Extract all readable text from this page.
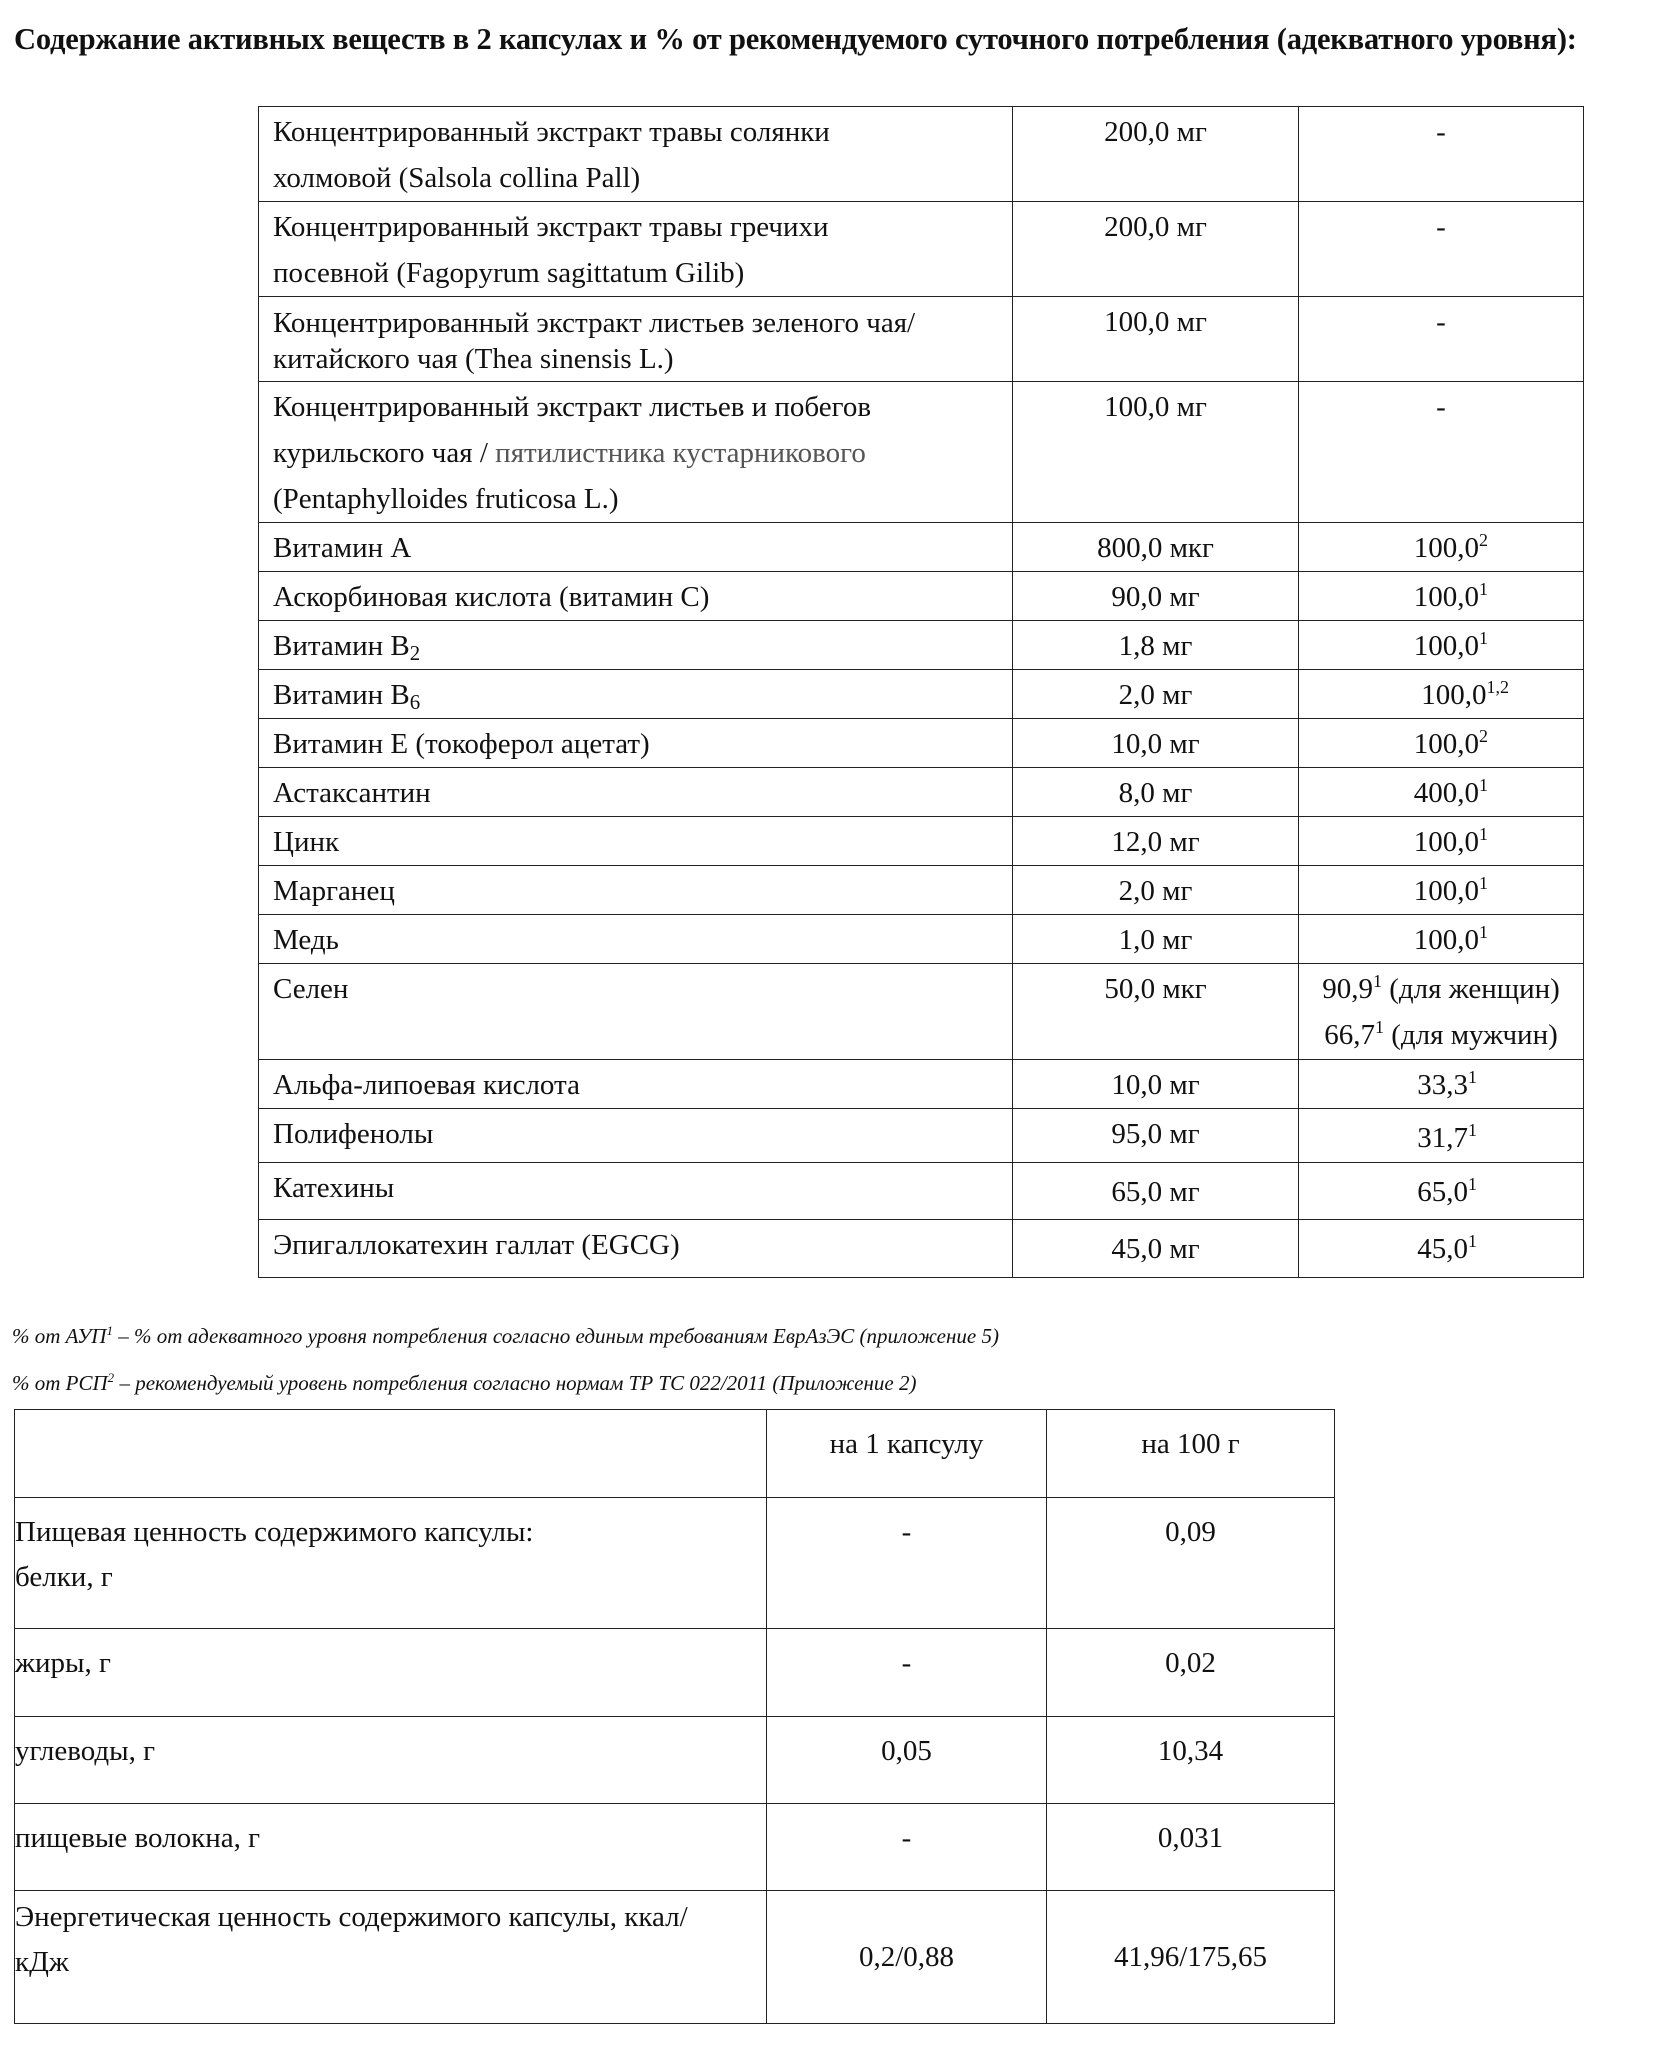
Содержание активных веществ в 2 капсулах и % от рекомендуемого суточного потребления (адекватного уровня):
Концентрированный экстракт травы солянки
холмовой (Salsola collina Pall)	200,0 мг	-
Концентрированный экстракт травы гречихи
посевной (Fagopyrum sagittatum Gilib)	200,0 мг	-
Концентрированный экстракт листьев зеленого чая/
китайского чая (Thea sinensis L.)	100,0 мг	-
Концентрированный экстракт листьев и побегов
курильского чая / пятилистника кустарникового
(Pentaphylloides fruticosa L.)	100,0 мг	-
Витамин А	800,0 мкг	100,0$^2$
Аскорбиновая кислота (витамин С)	90,0 мг	100,0$^1$
Витамин $В_2$	1,8 мг	100,0$^1$
Витамин $В_6$	2,0 мг	100,0$^{1,2}$
Витамин Е (токоферол ацетат)	10,0 мг	100,0$^2$
Астаксантин	8,0 мг	400,0$^1$
Цинк	12,0 мг	100,0$^1$
Марганец	2,0 мг	100,0$^1$
Медь	1,0 мг	100,0$^1$
Селен	50,0 мкг	90,9$^1$ (для женщин)
66,7$^1$ (для мужчин)
Альфа-липоевая кислота	10,0 мг	33,3$^1$
Полифенолы	95,0 мг	31,7$^1$
Катехины	65,0 мг	65,0$^1$
Эпигаллокатехин галлат (EGCG)	45,0 мг	45,0$^1$
% от АУП$^1$ – % от адекватного уровня потребления согласно единым требованиям ЕврАзЭС (приложение 5)
% от РСП$^2$ – рекомендуемый уровень потребления согласно нормам ТР ТС 022/2011 (Приложение 2)
	на 1 капсулу	на 100 г
Пищевая ценность содержимого капсулы:
белки, г	-	0,09
жиры, г	-	0,02
углеводы, г	0,05	10,34
пищевые волокна, г	-	0,031
Энергетическая ценность содержимого капсулы, ккал/
кДж	0,2/0,88	41,96/175,65
